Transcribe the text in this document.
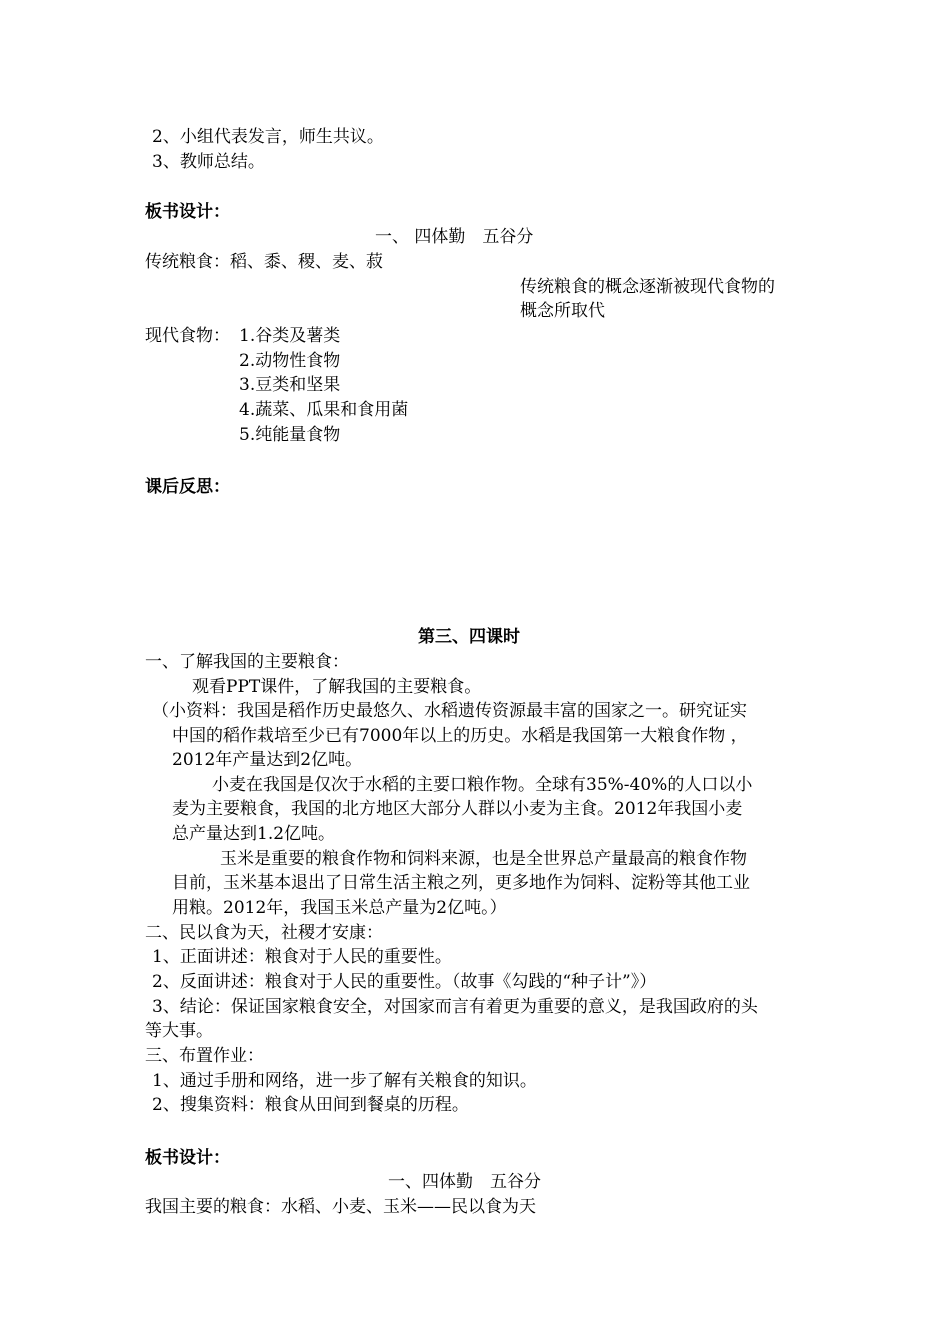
2、小组代表发言，师生共议。
3、教师总结。
板书设计：
一、 四体勤　五谷分
传统粮食：稻、黍、稷、麦、菽
传统粮食的概念逐渐被现代食物的
概念所取代
现代食物： 1.谷类及薯类
2.动物性食物
3.豆类和坚果
4.蔬菜、瓜果和食用菌
5.纯能量食物
课后反思：
第三、四课时
一、了解我国的主要粮食：
观看PPT课件，了解我国的主要粮食。
（小资料：我国是稻作历史最悠久、水稻遗传资源最丰富的国家之一。研究证实
中国的稻作栽培至少已有7000年以上的历史。水稻是我国第一大粮食作物 ，
2012年产量达到2亿吨。
小麦在我国是仅次于水稻的主要口粮作物。全球有35%-40%的人口以小
麦为主要粮食，我国的北方地区大部分人群以小麦为主食。2012年我国小麦
总产量达到1.2亿吨。
玉米是重要的粮食作物和饲料来源，也是全世界总产量最高的粮食作物
目前，玉米基本退出了日常生活主粮之列，更多地作为饲料、淀粉等其他工业
用粮。2012年，我国玉米总产量为2亿吨。）
二、民以食为天，社稷才安康：
1、正面讲述：粮食对于人民的重要性。
2、反面讲述：粮食对于人民的重要性。（故事《勾践的“种子计”》）
3、结论：保证国家粮食安全，对国家而言有着更为重要的意义，是我国政府的头
等大事。
三、布置作业：
1、通过手册和网络，进一步了解有关粮食的知识。
2、搜集资料：粮食从田间到餐桌的历程。
板书设计：
一、四体勤　五谷分
我国主要的粮食：水稻、小麦、玉米——民以食为天
